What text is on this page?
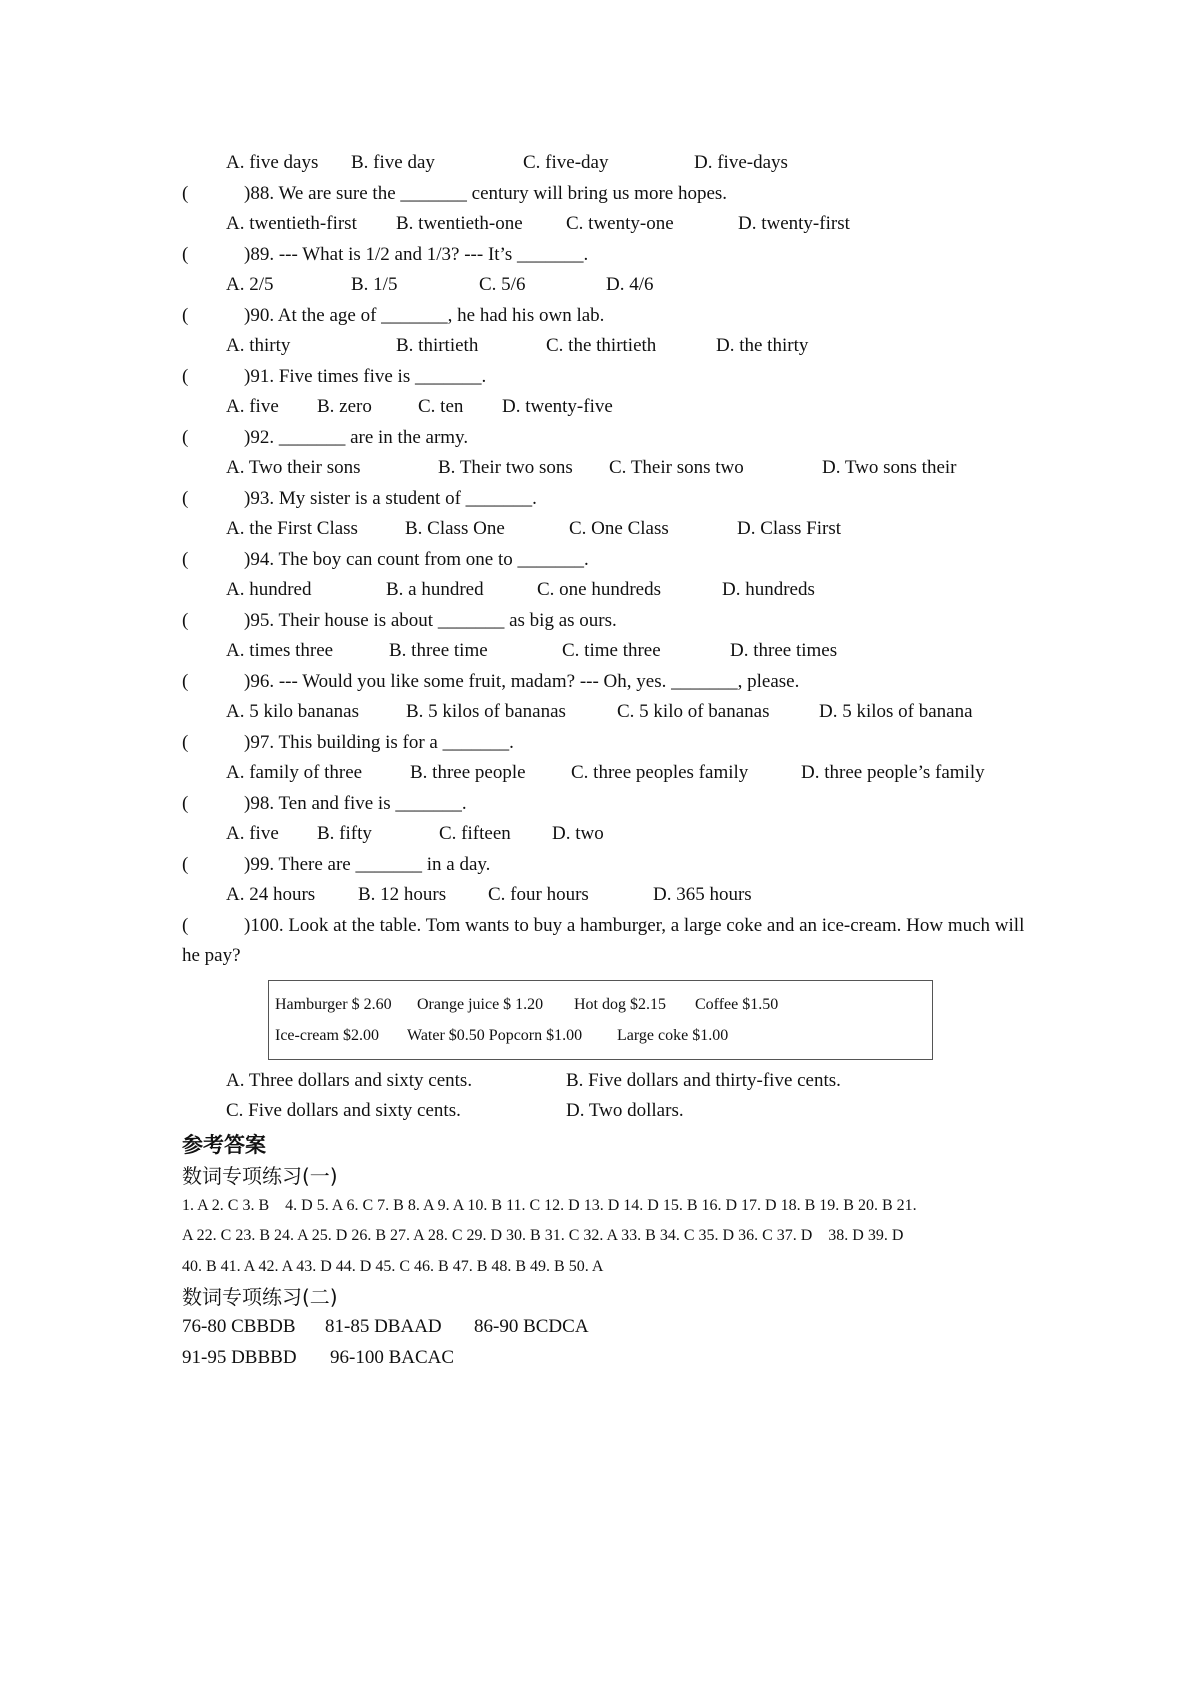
A. five days B. five day	C. five-day	D. five-days
(	)88. We are sure the _______ century will bring us more hopes.
A. twentieth-first B. twentieth-one C. twenty-one	D. twenty-first
(	)89. --- What is 1/2 and 1/3? --- It’s _______.
A. 2/5	B. 1/5	C. 5/6	D. 4/6
(	)90. At the age of _______, he had his own lab.
A. thirty	B. thirtieth	C. the thirtieth	D. the thirty
(	)91. Five times five is _______.
A. five B. zero C. ten D. twenty-five
(	)92. _______ are in the army.
A. Two their sons	B. Their two sons C. Their sons two	D. Two sons their
(	)93. My sister is a student of _______.
A. the First Class B. Class One	C. One Class	D. Class First
(	)94. The boy can count from one to _______.
A. hundred	B. a hundred	C. one hundreds	D. hundreds
(	)95. Their house is about _______ as big as ours.
A. times three	B. three time	C. time three	D. three times
(	)96. --- Would you like some fruit, madam? --- Oh, yes. _______, please.
A. 5 kilo bananas B. 5 kilos of bananas	C. 5 kilo of bananas	D. 5 kilos of banana
(	)97. This building is for a _______.
A. family of three	B. three people C. three peoples family	D. three people’s family
(	)98. Ten and five is _______.
A. five B. fifty	C. fifteen D. two
(	)99. There are _______ in a day.
A. 24 hours B. 12 hours C. four hours	D. 365 hours
(	)100. Look at the table. Tom wants to buy a hamburger, a large coke and an ice-cream. How much will he pay?
Hamburger $ 2.60 Orange juice $ 1.20 Hot dog $2.15 Coffee $1.50
Ice-cream $2.00 Water $0.50 Popcorn $1.00 Large coke $1.00
A. Three dollars and sixty cents.	B. Five dollars and thirty-five cents.
C. Five dollars and sixty cents.	D. Two dollars.
参考答案
数词专项练习(一)
1. A 2. C 3. B    4. D 5. A 6. C 7. B 8. A 9. A 10. B 11. C 12. D 13. D 14. D 15. B 16. D 17. D 18. B 19. B 20. B 21.
A 22. C 23. B 24. A 25. D 26. B 27. A 28. C 29. D 30. B 31. C 32. A 33. B 34. C 35. D 36. C 37. D    38. D 39. D
40. B 41. A 42. A 43. D 44. D 45. C 46. B 47. B 48. B 49. B 50. A
数词专项练习(二)
76-80 CBBDB 81-85 DBAAD 86-90 BCDCA
91-95 DBBBD 96-100 BACAC
